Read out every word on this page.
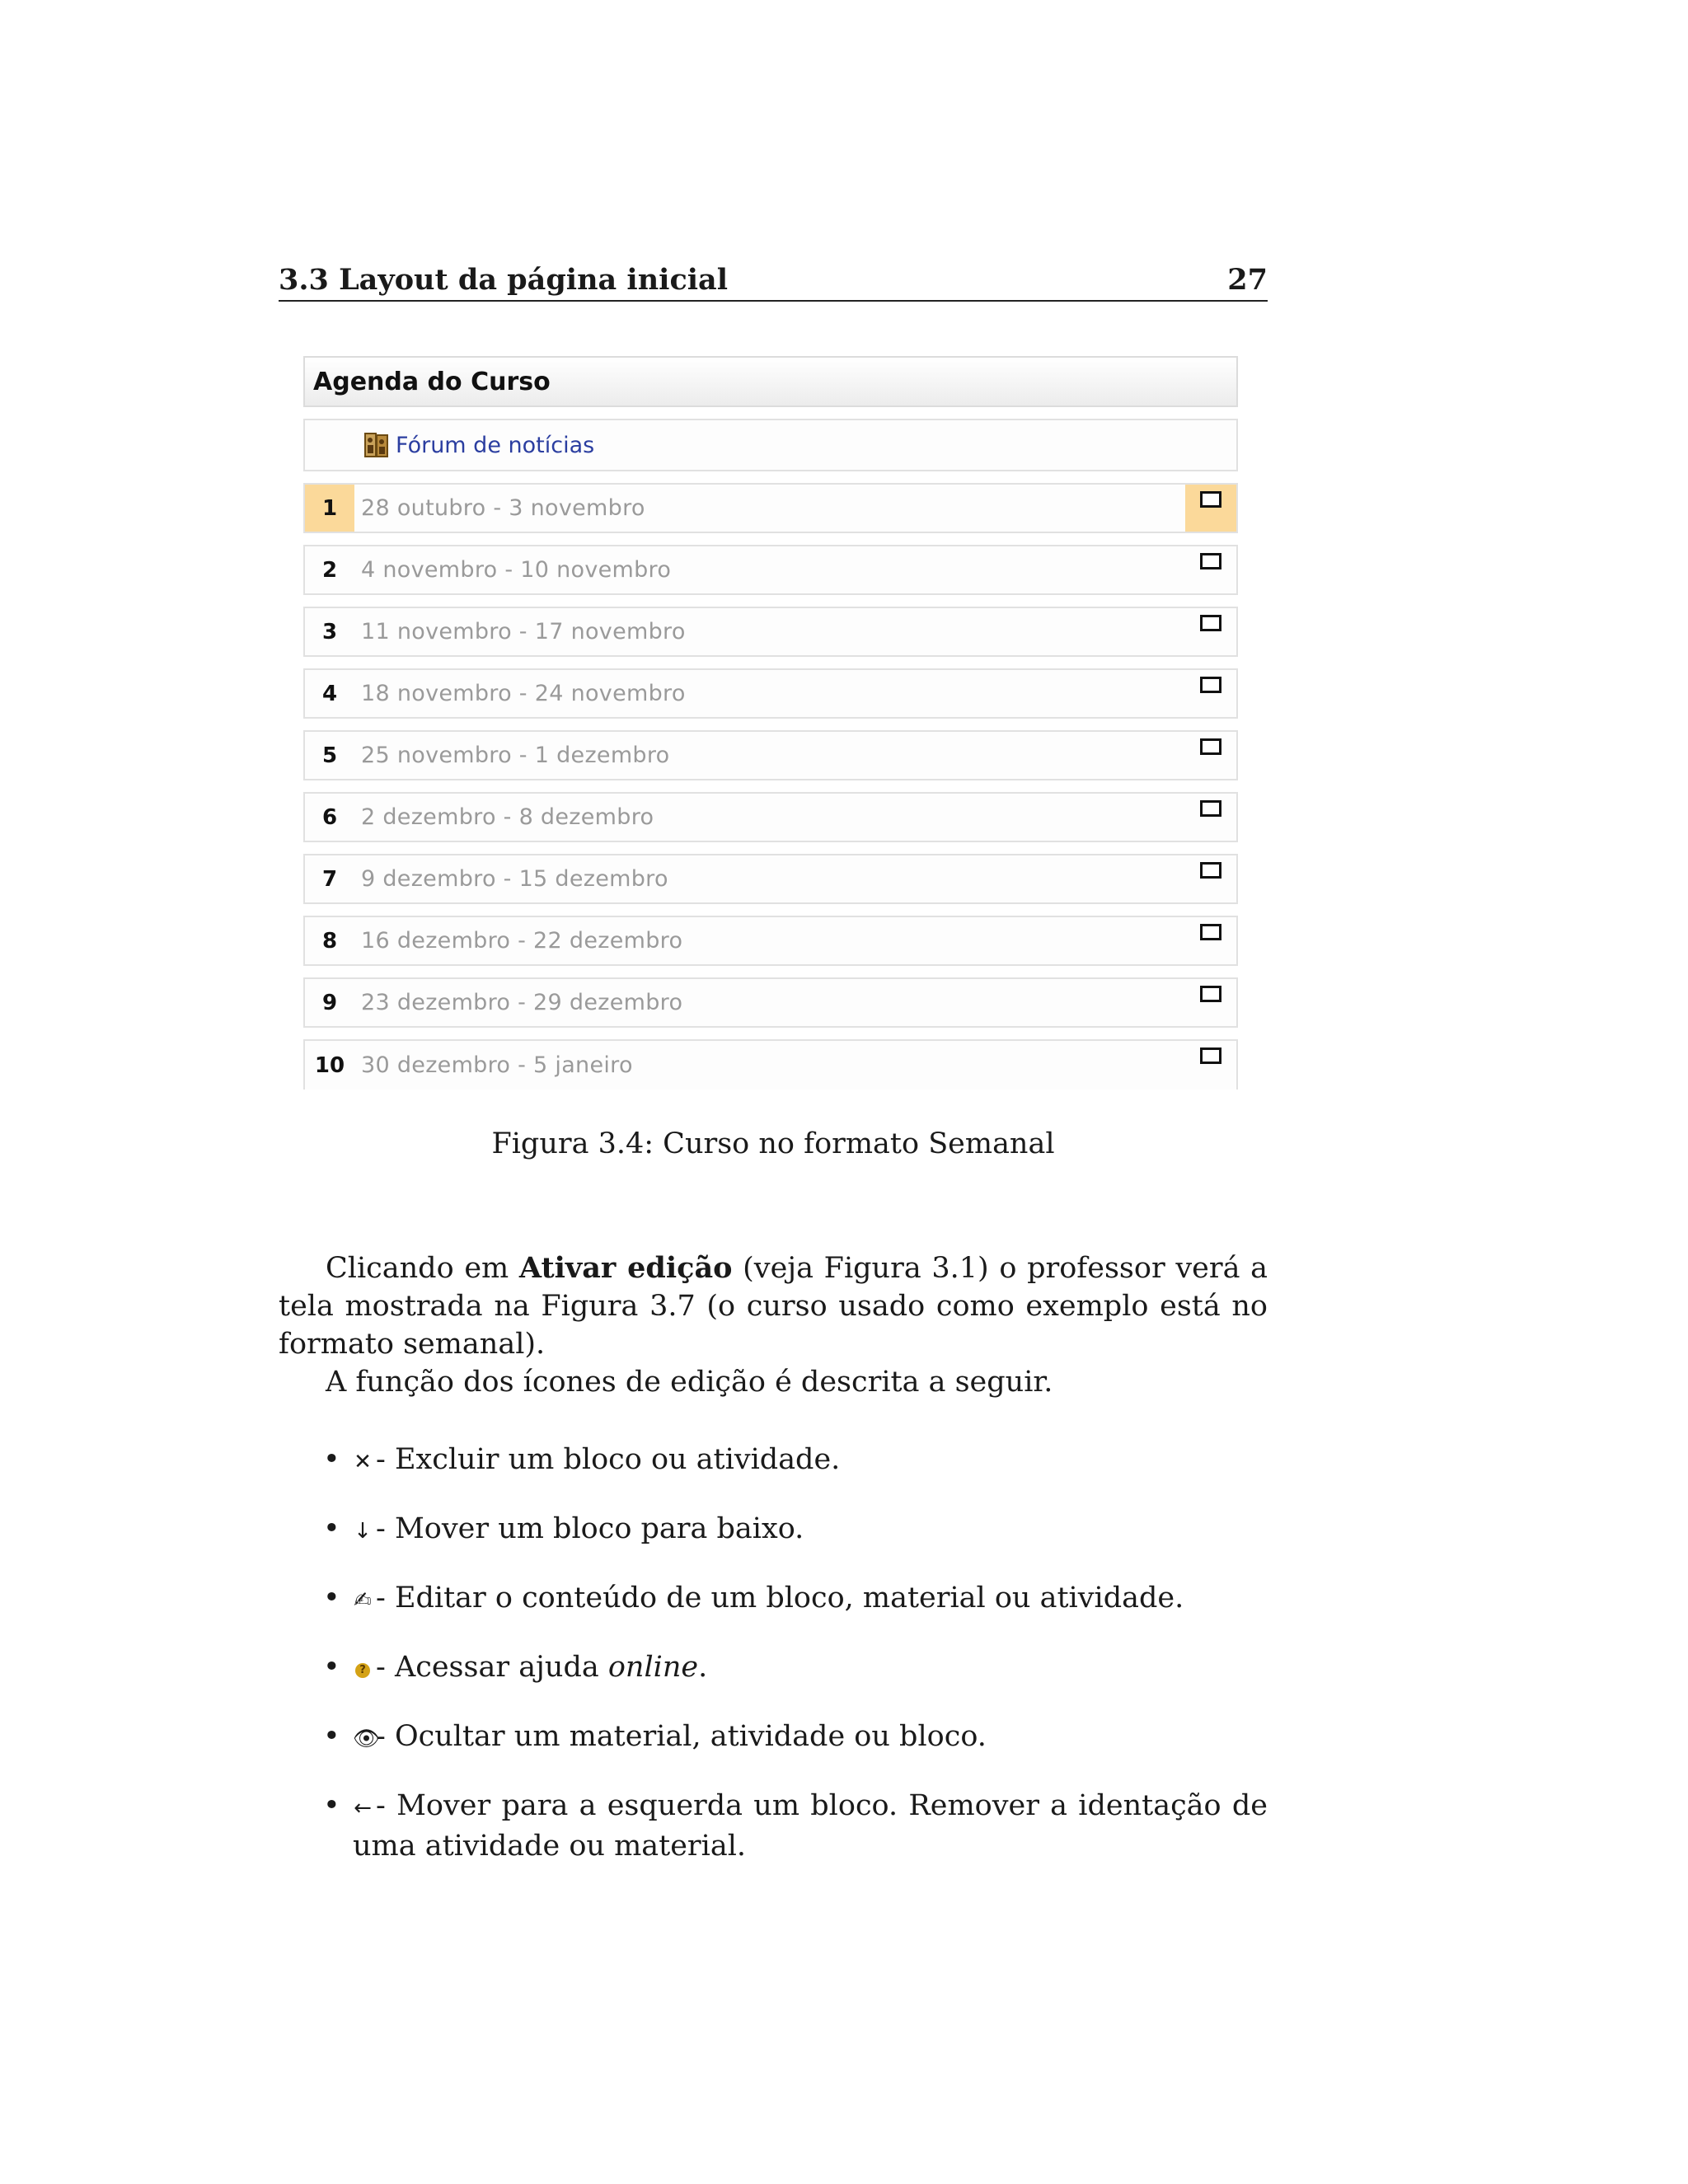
3.3 Layout da página inicial	27
Agenda do Curso
Fórum de notícias
1	28 outubro - 3 novembro
2	4 novembro - 10 novembro
3	11 novembro - 17 novembro
4	18 novembro - 24 novembro
5	25 novembro - 1 dezembro
6	2 dezembro - 8 dezembro
7	9 dezembro - 15 dezembro
8	16 dezembro - 22 dezembro
9	23 dezembro - 29 dezembro
10 30 dezembro - 5 janeiro
Figura 3.4: Curso no formato Semanal

Clicando em Ativar edição (veja Figura 3.1) o professor verá a tela mostrada na Figura 3.7 (o curso usado como exemplo está no formato semanal).

A função dos ícones de edição é descrita a seguir.

• ✕ - Excluir um bloco ou atividade.
• ↓ - Mover um bloco para baixo.
• ✍ - Editar o conteúdo de um bloco, material ou atividade.
• ? - Acessar ajuda online.
• 👁- Ocultar um material, atividade ou bloco.
• ← - Mover para a esquerda um bloco. Remover a identação de uma atividade ou material.
